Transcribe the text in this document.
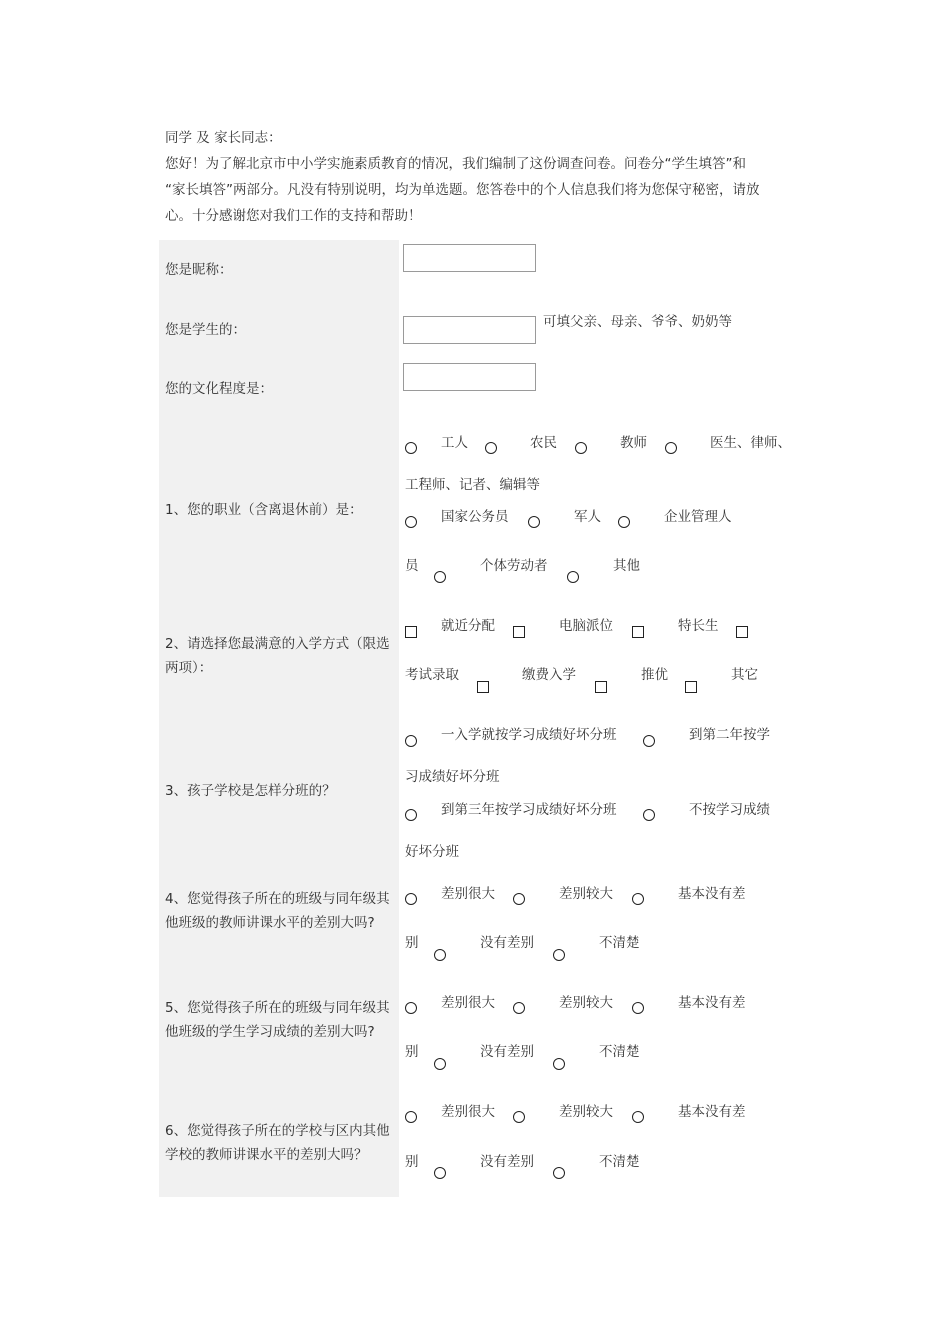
同学 及 家长同志：

您好！为了解北京市中小学实施素质教育的情况，我们编制了这份调查问卷。问卷分“学生填答”和

“家长填答”两部分。凡没有特别说明，均为单选题。您答卷中的个人信息我们将为您保守秘密，请放

心。十分感谢您对我们工作的支持和帮助！

您是昵称：
您是学生的：	可填父亲、母亲、爷爷、奶奶等
您的文化程度是：
1、您的职业（含离退休前）是：
工人	农民	教师	医生、律师、
工程师、记者、编辑等
国家公务员	军人	企业管理人
员	个体劳动者	其他
2、请选择您最满意的入学方式（限选两项）：
就近分配	电脑派位	特长生
考试录取	缴费入学	推优	其它
3、孩子学校是怎样分班的？
一入学就按学习成绩好坏分班	到第二年按学
习成绩好坏分班
到第三年按学习成绩好坏分班	不按学习成绩
好坏分班
4、您觉得孩子所在的班级与同年级其他班级的教师讲课水平的差别大吗?
差别很大	差别较大	基本没有差
别	没有差别	不清楚
5、您觉得孩子所在的班级与同年级其他班级的学生学习成绩的差别大吗?
差别很大	差别较大	基本没有差
别	没有差别	不清楚
6、您觉得孩子所在的学校与区内其他学校的教师讲课水平的差别大吗？
差别很大	差别较大	基本没有差
别	没有差别	不清楚
